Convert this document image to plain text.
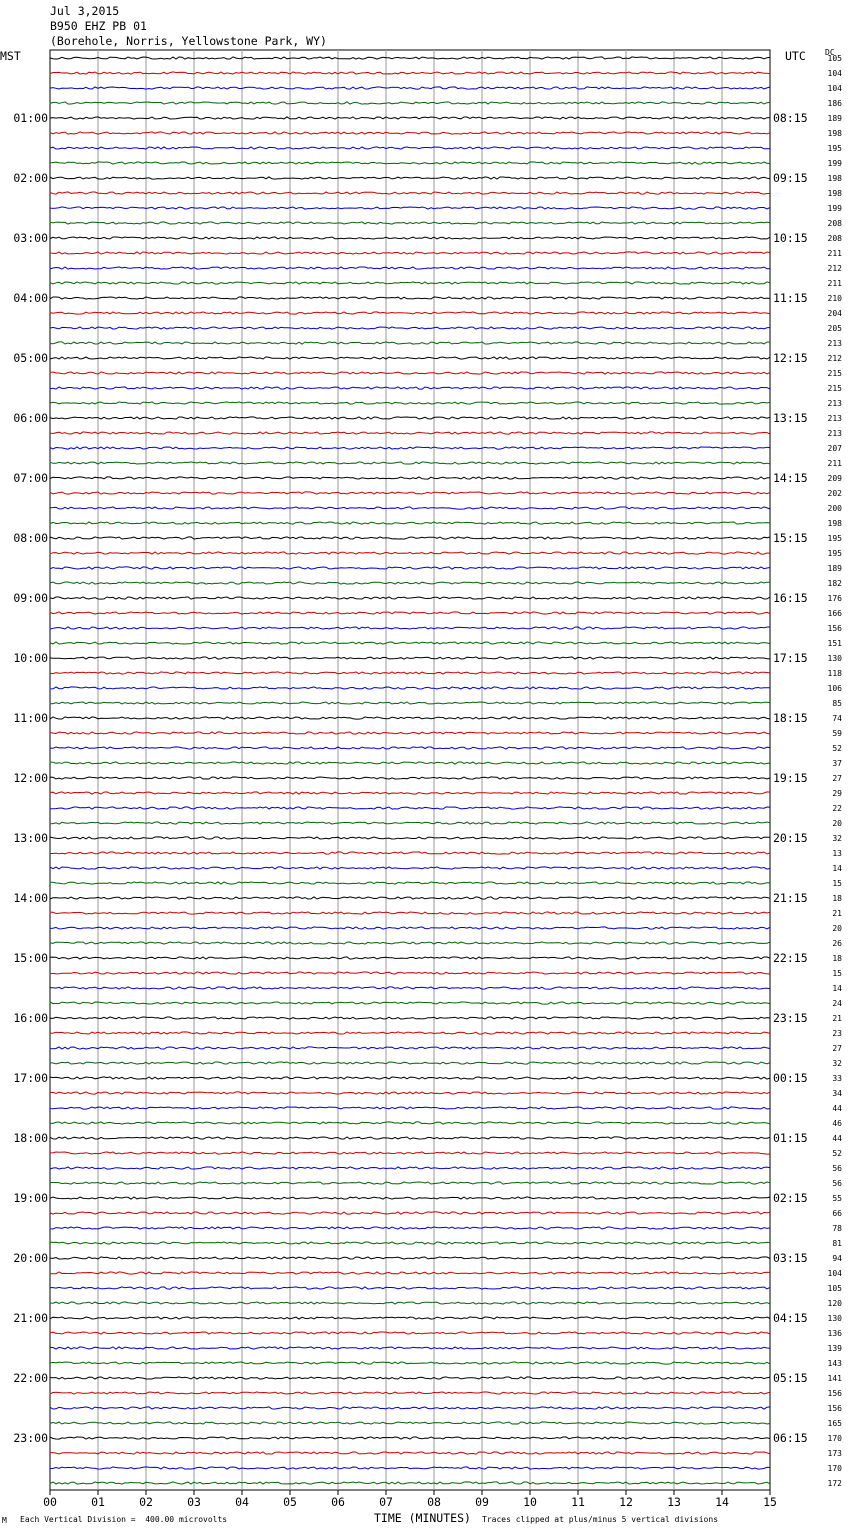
Jul 3,2015
B950 EHZ PB 01
(Borehole, Norris, Yellowstone Park, WY)
MST	UTC DC
105
104
104
186
189
198
195
199
198
198
199
208
208
211
212
211
210
204
205
213
212
215
215
213
213
213
207
211
209
202
200
198
195
195
189
182
176
166
156
151
130
118
106
85
74
59
52
37
27
29
22
20
32
13
14
15
18
21
20
26
18
15
14
24
21
23
27
32
33
34
44
46
44
52
56
56
55
66
78
81
94
104
105
120
130
136
139
143
141
156
156
165
170
173
170
172
01:00
02:00
03:00
04:00
05:00
06:00
07:00
08:00
09:00
10:00
11:00
12:00
13:00
14:00
15:00
16:00
17:00
18:00
19:00
20:00
21:00
22:00
23:00
08:15
09:15
10:15
11:15
12:15
13:15
14:15
15:15
16:15
17:15
18:15
19:15
20:15
21:15
22:15
23:15
00:15
01:15
02:15
03:15
04:15
05:15
06:15
00	01	02	03	04	05	06	07	08	09	10	11	12	13	14	15
M Each Vertical Division =  400.00 microvolts	TIME (MINUTES) Traces clipped at plus/minus 5 vertical divisions
